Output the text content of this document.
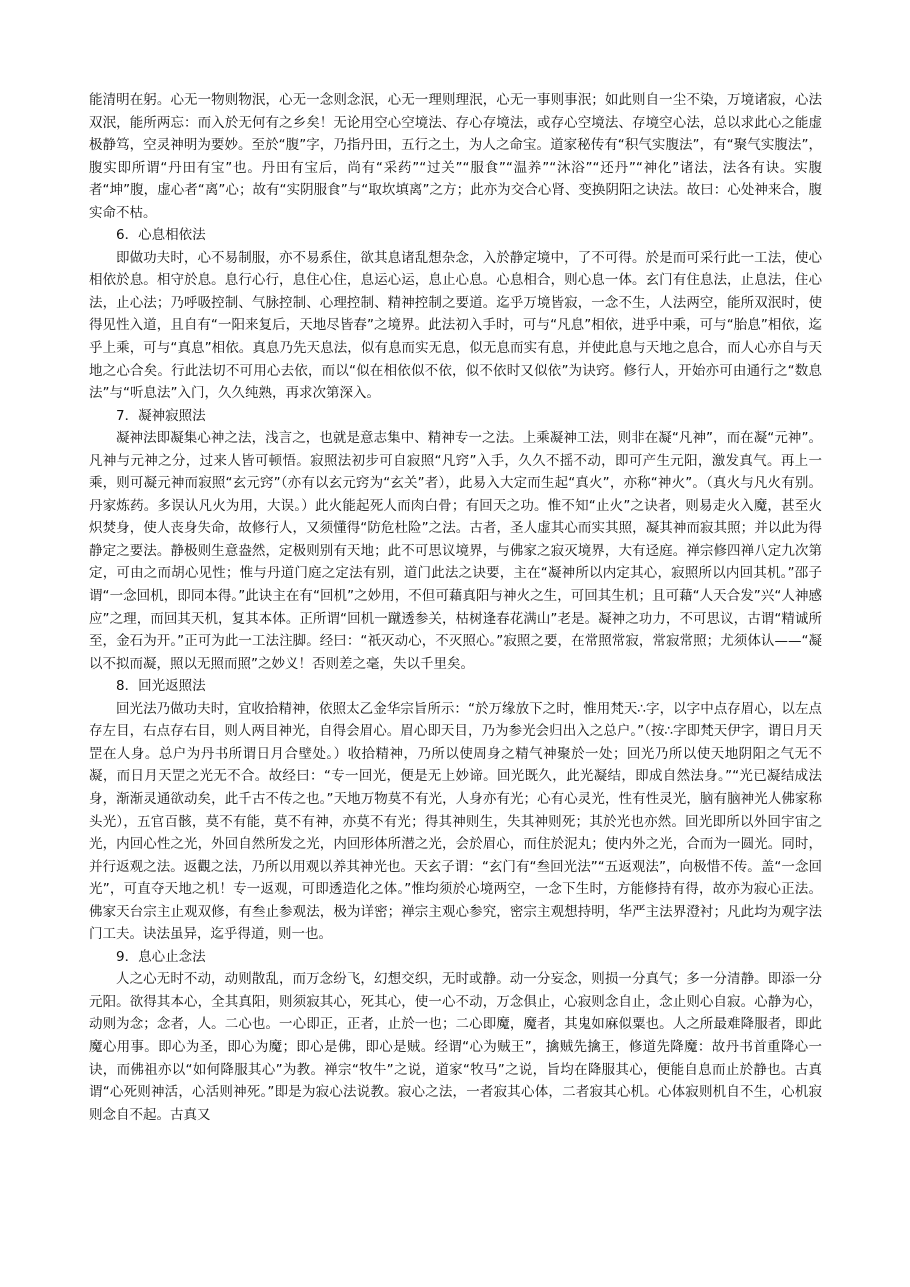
能清明在躬。心无一物则物泯，心无一念则念泯，心无一理则理泯，心无一事则事泯；如此则自一尘不染，万境诸寂，心法双泯，能所两忘：而入於无何有之乡矣！无论用空心空境法、存心存境法，或存心空境法、存境空心法，总以求此心之能虚极静笃，空灵神明为要妙。至於“腹”字，乃指丹田，五行之土，为人之命宝。道家秘传有“积气实腹法”，有“聚气实腹法”，腹实即所谓“丹田有宝”也。丹田有宝后，尚有“采药”“过关”“服食”“温养”“沐浴”“还丹”“神化”诸法，法各有诀。实腹者“坤”腹，虚心者“离”心；故有“实阴服食”与“取坎填离”之方；此亦为交合心肾、变换阴阳之诀法。故曰：心处神来合，腹实命不枯。

6．心息相依法

即做功夫时，心不易制服，亦不易系住，欲其息诸乱想杂念，入於静定境中，了不可得。於是而可采行此一工法，使心相依於息。相守於息。息行心行，息住心住，息运心运，息止心息。心息相合，则心息一体。玄门有住息法，止息法，住心法，止心法；乃呼吸控制、气脉控制、心理控制、精神控制之要道。迄乎万境皆寂，一念不生，人法两空，能所双泯时，使得见性入道，且自有“一阳来复后，天地尽皆春”之境界。此法初入手时，可与“凡息”相依，进乎中乘，可与“胎息”相依，迄乎上乘，可与“真息”相依。真息乃先天息法，似有息而实无息，似无息而实有息，并使此息与天地之息合，而人心亦自与天地之心合矣。行此法切不可用心去依，而以“似在相依似不依，似不依时又似依”为诀窍。修行人，开始亦可由通行之“数息法”与“听息法”入门，久久纯熟，再求次第深入。

7．凝神寂照法

凝神法即凝集心神之法，浅言之，也就是意志集中、精神专一之法。上乘凝神工法，则非在凝“凡神”，而在凝“元神”。凡神与元神之分，过来人皆可顿悟。寂照法初步可自寂照“凡窍”入手，久久不摇不动，即可产生元阳，激发真气。再上一乘，则可凝元神而寂照“玄元窍”（亦有以玄元窍为“玄关”者），此易入大定而生起“真火”，亦称“神火”。（真火与凡火有别。丹家炼药。多误认凡火为用，大误。）此火能起死人而肉白骨；有回天之功。惟不知“止火”之诀者，则易走火入魔，甚至火炽焚身，使人丧身失命，故修行人，又须懂得“防危杜险”之法。古者，圣人虚其心而实其照，凝其神而寂其照；并以此为得静定之要法。静极则生意盎然，定极则别有天地；此不可思议境界，与佛家之寂灭境界，大有迳庭。禅宗修四禅八定九次第定，可由之而胡心见性；惟与丹道门庭之定法有别，道门此法之诀要，主在“凝神所以内定其心，寂照所以内回其机。”邵子谓“一念回机，即同本得。”此诀主在有“回机”之妙用，不但可藉真阳与神火之生，可回其生机；且可藉“人天合发”兴“人神感应”之理，而回其天机，复其本体。正所谓“回机一蹴透参关，枯树逢春花满山”老是。凝神之功力，不可思议，古谓“精诚所至，金石为开。”正可为此一工法注脚。经曰：“祇灭动心，不灭照心。”寂照之要，在常照常寂，常寂常照；尤须体认——“凝以不拟而凝，照以无照而照”之妙义！否则差之毫，失以千里矣。

8．回光返照法

回光法乃做功夫时，宜收拾精神，依照太乙金华宗旨所示：“於万缘放下之时，惟用梵天∴字，以字中点存眉心，以左点存左目，右点存右目，则人两目神光，自得会眉心。眉心即天目，乃为参光会归出入之总户。”（按∴字即梵天伊字，谓日月天罡在人身。总户为丹书所谓日月合壁处。）收拾精神，乃所以使周身之精气神聚於一处；回光乃所以使天地阴阳之气无不凝，而日月天罡之光无不合。故经曰：“专一回光，便是无上妙谛。回光既久，此光凝结，即成自然法身。”“光已凝结成法身，渐渐灵通欲动矣，此千古不传之也。”天地万物莫不有光，人身亦有光；心有心灵光，性有性灵光，脑有脑神光人佛家称头光），五官百骸，莫不有能，莫不有神，亦莫不有光；得其神则生，失其神则死；其於光也亦然。回光即所以外回宇宙之光，内回心性之光，外回自然所发之光，内回形体所潜之光，会於眉心，而住於泥丸；使内外之光，合而为一圆光。同时，并行返观之法。返觀之法，乃所以用观以养其神光也。天玄子谓：“玄门有“叁回光法”“五返观法”，向极惜不传。盖“一念回光”，可直夺天地之机！专一返观，可即透造化之体。”惟均须於心境两空，一念下生时，方能修持有得，故亦为寂心正法。佛家天台宗主止观双修，有叁止参观法，极为详密；禅宗主观心参究，密宗主观想持明，华严主法界澄衬；凡此均为观字法门工夫。诀法虽异，迄乎得道，则一也。

9．息心止念法

人之心无时不动，动则散乱，而万念纷飞，幻想交织，无时或静。动一分妄念，则损一分真气；多一分清静。即添一分元阳。欲得其本心，全其真阳，则须寂其心，死其心，使一心不动，万念俱止，心寂则念自止，念止则心自寂。心静为心，动则为念；念者，人。二心也。一心即正，正者，止於一也；二心即魔，魔者，其鬼如麻似粟也。人之所最难降服者，即此魔心用事。即心为圣，即心为魔；即心是佛，即心是贼。经谓“心为贼王”，擒贼先擒王，修道先降魔：故丹书首重降心一诀，而佛祖亦以“如何降服其心”为教。禅宗“牧牛”之说，道家“牧马”之说，旨均在降服其心，便能自息而止於静也。古真谓“心死则神活，心活则神死。”即是为寂心法说教。寂心之法，一者寂其心体，二者寂其心机。心体寂则机自不生，心机寂则念自不起。古真又
